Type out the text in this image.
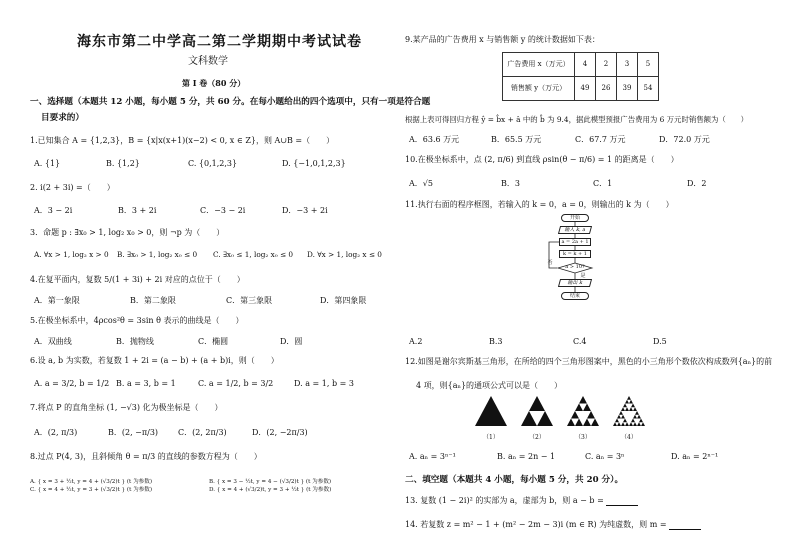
海东市第二中学高二第二学期期中考试试卷
文科数学
第 I 卷（80 分）
一、选择题（本题共 12 小题，每小题 5 分，共 60 分。在每小题给出的四个选项中，只有一项是符合题
目要求的）
1.已知集合 A = {1,2,3}，B = {x|x(x+1)(x−2) < 0, x ∈ Z}，则 A∪B =（　　）
A. {1}	B. {1,2}	C. {0,1,2,3}	D. {−1,0,1,2,3}
2. i(2 + 3i) =（　　）
A．3 − 2i	B．3 + 2i	C．−3 − 2i	D．−3 + 2i
3．命题 p : ∃x₀ > 1, log₂ x₀ > 0，则 ¬p 为（　　）
A. ∀x > 1, log₂ x > 0	B. ∃x₀ > 1, log₂ x₀ ≤ 0	C. ∃x₀ ≤ 1, log₂ x₀ ≤ 0	D. ∀x > 1, log₂ x ≤ 0
4.在复平面内，复数 5/(1 + 3i) + 2i 对应的点位于（　　）
A．第一象限	B．第二象限	C．第三象限	D．第四象限
5.在极坐标系中，4ρcos²θ = 3sin θ 表示的曲线是（　　）
A．双曲线	B．抛物线	C．椭圆	D．圆
6.设 a, b 为实数，若复数 1 + 2i = (a − b) + (a + b)i，则（　　）
A. a = 3/2, b = 1/2 B. a = 3, b = 1	C. a = 1/2, b = 3/2	D. a = 1, b = 3
7.将点 P 的直角坐标 (1, −√3) 化为极坐标是（　　）
A．(2, π/3)	B．(2, −π/3)	C．(2, 2π/3)	D．(2, −2π/3)
8.过点 P(4, 3)，且斜倾角 θ = π/3 的直线的参数方程为（　　）
A. { x = 3 + ½t, y = 4 + (√3/2)t } (t 为参数)	B. { x = 3 − ½t, y = 4 − (√3/2)t } (t 为参数)
C. { x = 4 + ½t, y = 3 + (√3/2)t } (t 为参数)	D. { x = 4 + (√3/2)t, y = 3 + ½t } (t 为参数)
9.某产品的广告费用 x 与销售额 y 的统计数据如下表：
广告费用 x（万元）	4	2	3	5
销售额 y（万元）	49	26	39	54
根据上表可得回归方程 ŷ = b̂x + â 中的 b̂ 为 9.4，据此模型预报广告费用为 6 万元时销售额为（　　）
A．63.6 万元	B．65.5 万元	C．67.7 万元	D．72.0 万元
10.在极坐标系中，点 (2, π/6) 到直线 ρsin(θ − π/6) = 1 的距离是（　　）
A．√5	B．3	C．1	D．2
11.执行右面的程序框图，若输入的 k = 0，a = 0，则输出的 k 为（　　）
开始
输入 k, a
a = 2a + 1
k = k + 1
a > 10?
是
否
输出 k
结束
A.2	B.3	C.4	D.5
12.如图是谢尔宾斯基三角形，在所给的四个三角形图案中，黑色的小三角形个数依次构成数列{aₙ}的前
4 项，则{aₙ}的通项公式可以是（　　）
（1）	（2）	（3）	（4）
A. aₙ = 3ⁿ⁻¹	B. aₙ = 2n − 1	C. aₙ = 3ⁿ	D. aₙ = 2ⁿ⁻¹
二、填空题（本题共 4 小题，每小题 5 分，共 20 分）。
13. 复数 (1 − 2i)² 的实部为 a，虚部为 b，则 a − b =
14. 若复数 z = m² − 1 + (m² − 2m − 3)i (m ∈ R) 为纯虚数，则 m =
